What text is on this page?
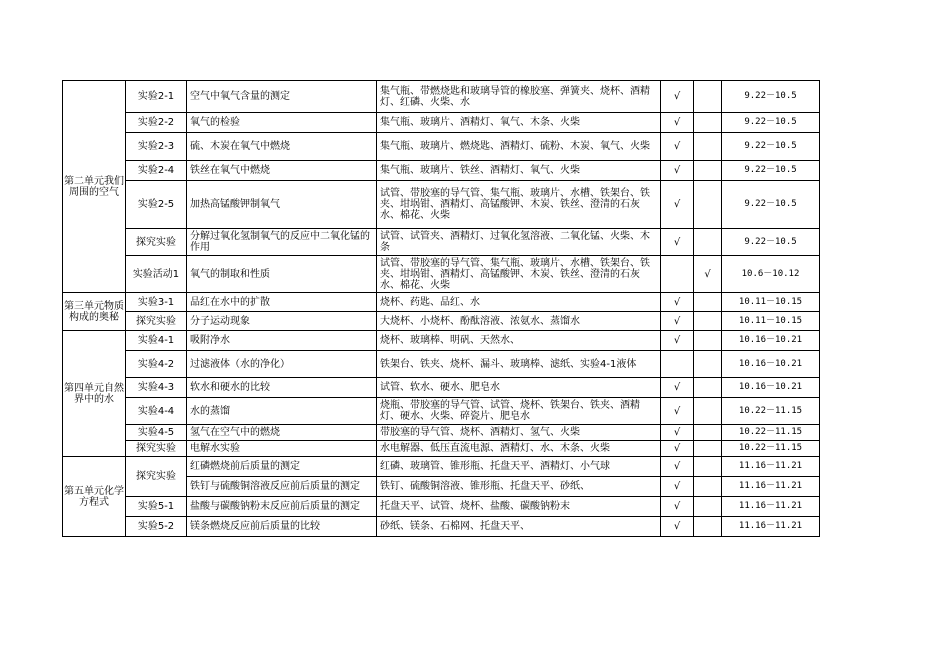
第二单元我们周围的空气	实验2-1	空气中氧气含量的测定	集气瓶、带燃烧匙和玻璃导管的橡胶塞、弹簧夹、烧杯、酒精灯、红磷、火柴、水	√		9.22－10.5
	实验2-2	氧气的检验	集气瓶、玻璃片、酒精灯、氧气、木条、火柴	√		9.22－10.5
	实验2-3	硫、木炭在氧气中燃烧	集气瓶、玻璃片、燃烧匙、酒精灯、硫粉、木炭、氧气、火柴	√		9.22－10.5
	实验2-4	铁丝在氧气中燃烧	集气瓶、玻璃片、铁丝、酒精灯、氧气、火柴	√		9.22－10.5
	实验2-5	加热高锰酸钾制氧气	试管、带胶塞的导气管、集气瓶、玻璃片、水槽、铁架台、铁夹、坩埚钳、酒精灯、高锰酸钾、木炭、铁丝、澄清的石灰水、棉花、火柴	√		9.22－10.5
	探究实验	分解过氧化氢制氧气的反应中二氧化锰的作用	试管、试管夹、酒精灯、过氧化氢溶液、二氧化锰、火柴、木条	√		9.22－10.5
	实验活动1	氧气的制取和性质	试管、带胶塞的导气管、集气瓶、玻璃片、水槽、铁架台、铁夹、坩埚钳、酒精灯、高锰酸钾、木炭、铁丝、澄清的石灰水、棉花、火柴		√	10.6－10.12
第三单元物质构成的奥秘	实验3-1	品红在水中的扩散	烧杯、药匙、品红、水	√		10.11－10.15
	探究实验	分子运动现象	大烧杯、小烧杯、酚酞溶液、浓氨水、蒸馏水	√		10.11－10.15
第四单元自然界中的水	实验4-1	吸附净水	烧杯、玻璃棒、明矾、天然水、	√		10.16－10.21
	实验4-2	过滤液体（水的净化）	铁架台、铁夹、烧杯、漏斗、玻璃棒、滤纸、实验4-1液体			10.16－10.21
	实验4-3	软水和硬水的比较	试管、软水、硬水、肥皂水	√		10.16－10.21
	实验4-4	水的蒸馏	烧瓶、带胶塞的导气管、试管、烧杯、铁架台、铁夹、酒精灯、硬水、火柴、碎瓷片、肥皂水	√		10.22－11.15
	实验4-5	氢气在空气中的燃烧	带胶塞的导气管、烧杯、酒精灯、氢气、火柴	√		10.22－11.15
	探究实验	电解水实验	水电解器、低压直流电源、酒精灯、水、木条、火柴	√		10.22－11.15
第五单元化学方程式	探究实验	红磷燃烧前后质量的测定	红磷、玻璃管、锥形瓶、托盘天平、酒精灯、小气球	√		11.16－11.21
		铁钉与硫酸铜溶液反应前后质量的测定	铁钉、硫酸铜溶液、锥形瓶、托盘天平、砂纸、	√		11.16－11.21
	实验5-1	盐酸与碳酸钠粉末反应前后质量的测定	托盘天平、试管、烧杯、盐酸、碳酸钠粉末	√		11.16－11.21
	实验5-2	镁条燃烧反应前后质量的比较	砂纸、镁条、石棉网、托盘天平、	√		11.16－11.21
